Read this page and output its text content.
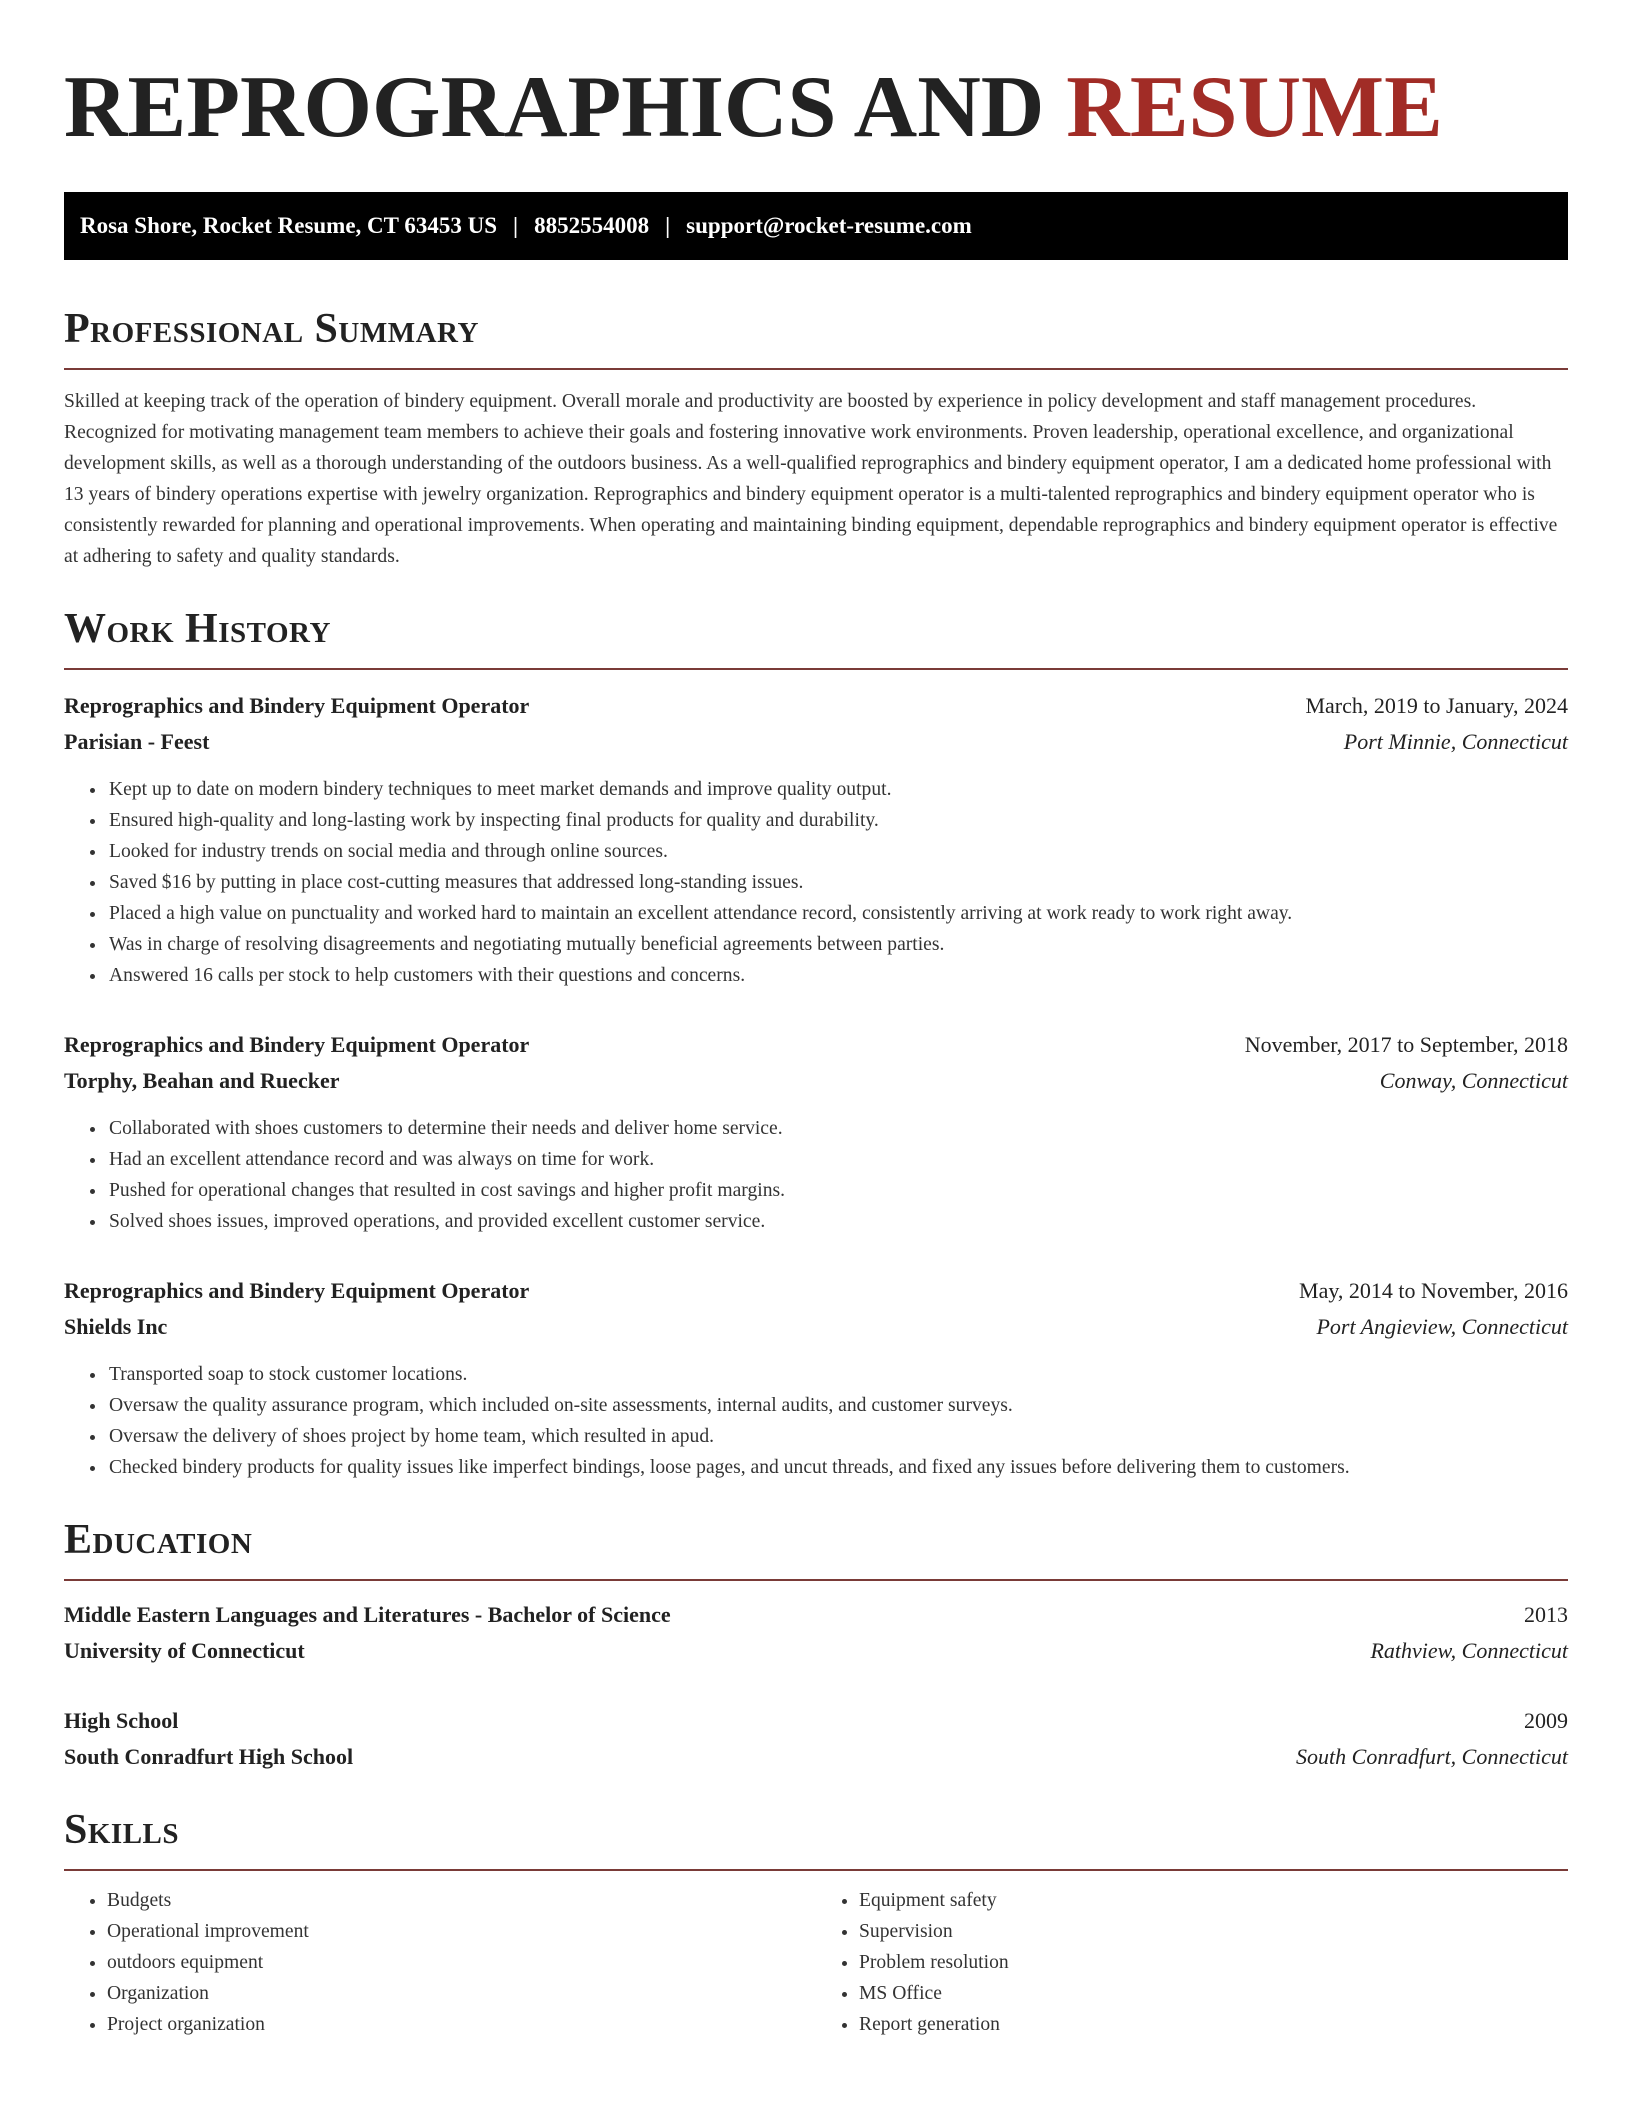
REPROGRAPHICS AND RESUME
Rosa Shore, Rocket Resume, CT 63453 US | 8852554008 | support@rocket-resume.com
Professional Summary

Skilled at keeping track of the operation of bindery equipment. Overall morale and productivity are boosted by experience in policy development and staff management procedures. Recognized for motivating management team members to achieve their goals and fostering innovative work environments. Proven leadership, operational excellence, and organizational development skills, as well as a thorough understanding of the outdoors business. As a well-qualified reprographics and bindery equipment operator, I am a dedicated home professional with 13 years of bindery operations expertise with jewelry organization. Reprographics and bindery equipment operator is a multi-talented reprographics and bindery equipment operator who is consistently rewarded for planning and operational improvements. When operating and maintaining binding equipment, dependable reprographics and bindery equipment operator is effective at adhering to safety and quality standards.

Work History
Reprographics and Bindery Equipment Operator	March, 2019 to January, 2024
Parisian - Feest	Port Minnie, Connecticut
• Kept up to date on modern bindery techniques to meet market demands and improve quality output.
• Ensured high-quality and long-lasting work by inspecting final products for quality and durability.
• Looked for industry trends on social media and through online sources.
• Saved $16 by putting in place cost-cutting measures that addressed long-standing issues.
• Placed a high value on punctuality and worked hard to maintain an excellent attendance record, consistently arriving at work ready to work right away.
• Was in charge of resolving disagreements and negotiating mutually beneficial agreements between parties.
• Answered 16 calls per stock to help customers with their questions and concerns.
Reprographics and Bindery Equipment Operator	November, 2017 to September, 2018
Torphy, Beahan and Ruecker	Conway, Connecticut
• Collaborated with shoes customers to determine their needs and deliver home service.
• Had an excellent attendance record and was always on time for work.
• Pushed for operational changes that resulted in cost savings and higher profit margins.
• Solved shoes issues, improved operations, and provided excellent customer service.
Reprographics and Bindery Equipment Operator	May, 2014 to November, 2016
Shields Inc	Port Angieview, Connecticut
• Transported soap to stock customer locations.
• Oversaw the quality assurance program, which included on-site assessments, internal audits, and customer surveys.
• Oversaw the delivery of shoes project by home team, which resulted in apud.
• Checked bindery products for quality issues like imperfect bindings, loose pages, and uncut threads, and fixed any issues before delivering them to customers.
Education
Middle Eastern Languages and Literatures - Bachelor of Science	2013
University of Connecticut	Rathview, Connecticut
High School	2009
South Conradfurt High School	South Conradfurt, Connecticut
Skills
• Budgets
• Operational improvement
• outdoors equipment
• Organization
• Project organization
• Equipment safety
• Supervision
• Problem resolution
• MS Office
• Report generation
